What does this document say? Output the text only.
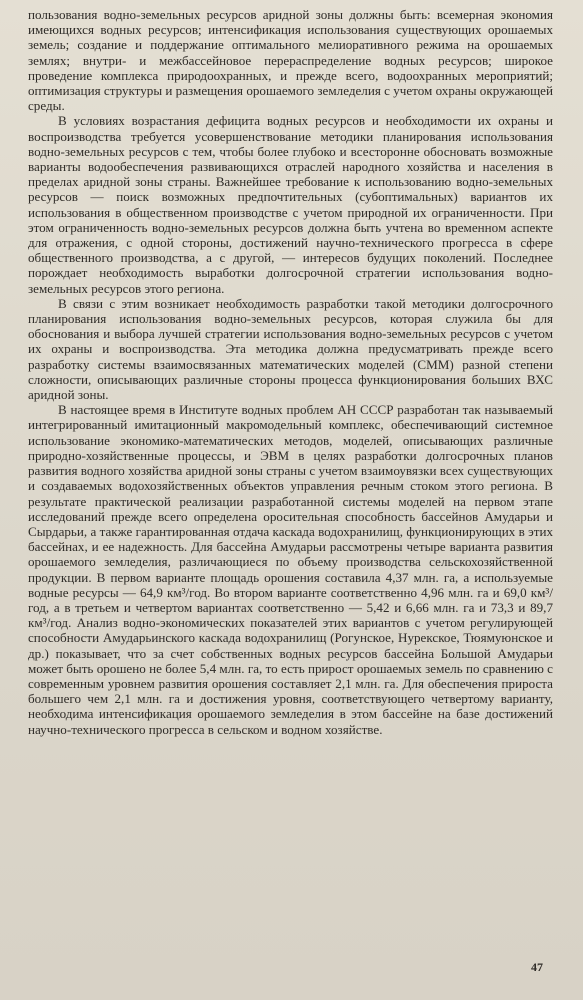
пользования водно-земельных ресурсов аридной зоны должны быть: всемерная экономия имеющихся водных ресурсов; интенсификация использования существующих орошаемых земель; создание и поддержание оптимального мелиоративного режима на орошаемых землях; внутри- и межбассейновое перераспределение водных ресурсов; широкое проведение комплекса природоохранных, и прежде всего, водоохранных мероприятий; оптимизация структуры и размещения орошаемого земледелия с учетом охраны окружающей среды.

В условиях возрастания дефицита водных ресурсов и необходимости их охраны и воспроизводства требуется усовершенствование методики планирования использования водно-земельных ресурсов с тем, чтобы более глубоко и всесторонне обосновать возможные варианты водообеспечения развивающихся отраслей народного хозяйства и населения в пределах аридной зоны страны. Важнейшее требование к использованию водно-земельных ресурсов — поиск возможных предпочтительных (субоптимальных) вариантов их использования в общественном производстве с учетом природной их ограниченности. При этом ограниченность водно-земельных ресурсов должна быть учтена во временном аспекте для отражения, с одной стороны, достижений научно-технического прогресса в сфере общественного производства, а с другой, — интересов будущих поколений. Последнее порождает необходимость выработки долгосрочной стратегии использования водно-земельных ресурсов этого региона.

В связи с этим возникает необходимость разработки такой методики долгосрочного планирования использования водно-земельных ресурсов, которая служила бы для обоснования и выбора лучшей стратегии использования водно-земельных ресурсов с учетом их охраны и воспроизводства. Эта методика должна предусматривать прежде всего разработку системы взаимосвязанных математических моделей (СММ) разной степени сложности, описывающих различные стороны процесса функционирования больших ВХС аридной зоны.

В настоящее время в Институте водных проблем АН СССР разработан так называемый интегрированный имитационный макромодельный комплекс, обеспечивающий системное использование экономико-математических методов, моделей, описывающих различные природно-хозяйственные процессы, и ЭВМ в целях разработки долгосрочных планов развития водного хозяйства аридной зоны страны с учетом взаимоувязки всех существующих и создаваемых водохозяйственных объектов управления речным стоком этого региона. В результате практической реализации разработанной системы моделей на первом этапе исследований прежде всего определена оросительная способность бассейнов Амударьи и Сырдарьи, а также гарантированная отдача каскада водохранилищ, функционирующих в этих бассейнах, и ее надежность. Для бассейна Амударьи рассмотрены четыре варианта развития орошаемого земледелия, различающиеся по объему производства сельскохозяйственной продукции. В первом варианте площадь орошения составила 4,37 млн. га, а используемые водные ресурсы — 64,9 км³/год. Во втором варианте соответственно 4,96 млн. га и 69,0 км³/год, а в третьем и четвертом вариантах соответственно — 5,42 и 6,66 млн. га и 73,3 и 89,7 км³/год. Анализ водно-экономических показателей этих вариантов с учетом регулирующей способности Амударьинского каскада водохранилищ (Рогунское, Нурекское, Тюямуюнское и др.) показывает, что за счет собственных водных ресурсов бассейна Большой Амударьи может быть орошено не более 5,4 млн. га, то есть прирост орошаемых земель по сравнению с современным уровнем развития орошения составляет 2,1 млн. га. Для обеспечения прироста большего чем 2,1 млн. га и достижения уровня, соответствующего четвертому варианту, необходима интенсификация орошаемого земледелия в этом бассейне на базе достижений научно-технического прогресса в сельском и водном хозяйстве.

47
